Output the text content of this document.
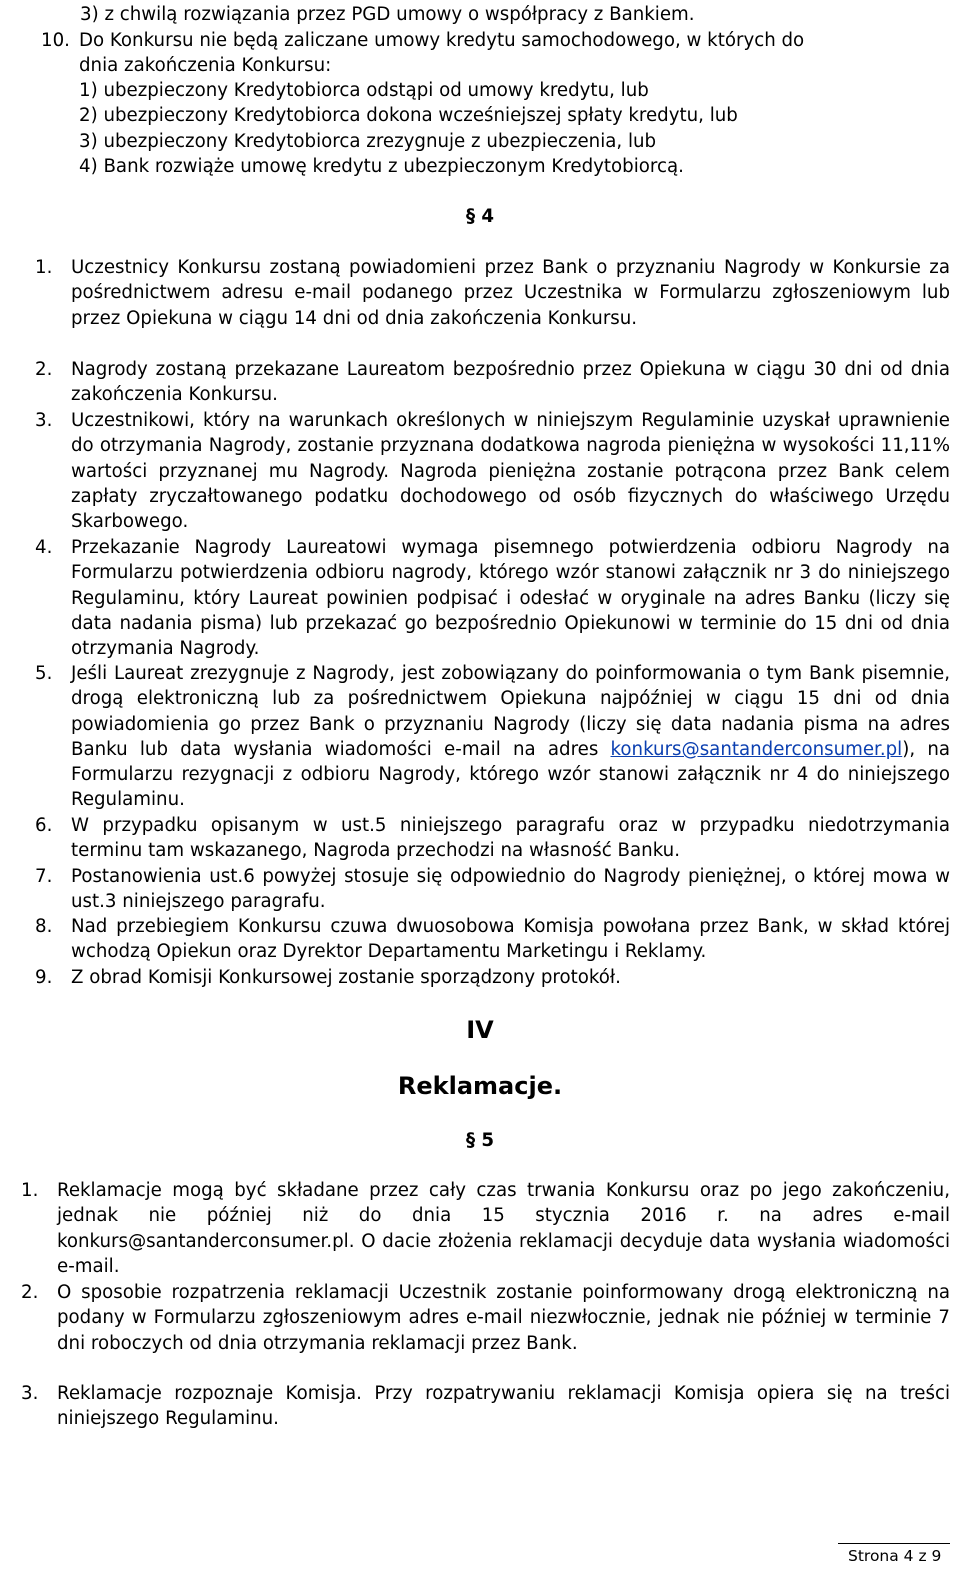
3) z chwilą rozwiązania przez PGD umowy o współpracy z Bankiem.
10. Do Konkursu nie będą zaliczane umowy kredytu samochodowego, w których do
dnia zakończenia Konkursu:
1) ubezpieczony Kredytobiorca odstąpi od umowy kredytu, lub
2) ubezpieczony Kredytobiorca dokona wcześniejszej spłaty kredytu, lub
3) ubezpieczony Kredytobiorca zrezygnuje z ubezpieczenia, lub
4) Bank rozwiąże umowę kredytu z ubezpieczonym Kredytobiorcą.
§ 4
1. Uczestnicy Konkursu zostaną powiadomieni przez Bank o przyznaniu Nagrody w Konkursie za pośrednictwem adresu e-mail podanego przez Uczestnika w Formularzu zgłoszeniowym lub przez Opiekuna w ciągu 14 dni od dnia zakończenia Konkursu.
2. Nagrody zostaną przekazane Laureatom bezpośrednio przez Opiekuna w ciągu 30 dni od dnia zakończenia Konkursu.
3. Uczestnikowi, który na warunkach określonych w niniejszym Regulaminie uzyskał uprawnienie do otrzymania Nagrody, zostanie przyznana dodatkowa nagroda pieniężna w wysokości 11,11% wartości przyznanej mu Nagrody. Nagroda pieniężna zostanie potrącona przez Bank celem zapłaty zryczałtowanego podatku dochodowego od osób fizycznych do właściwego Urzędu Skarbowego.
4. Przekazanie Nagrody Laureatowi wymaga pisemnego potwierdzenia odbioru Nagrody na Formularzu potwierdzenia odbioru nagrody, którego wzór stanowi załącznik nr 3 do niniejszego Regulaminu, który Laureat powinien podpisać i odesłać w oryginale na adres Banku (liczy się data nadania pisma) lub przekazać go bezpośrednio Opiekunowi w terminie do 15 dni od dnia otrzymania Nagrody.
5. Jeśli Laureat zrezygnuje z Nagrody, jest zobowiązany do poinformowania o tym Bank pisemnie, drogą elektroniczną lub za pośrednictwem Opiekuna najpóźniej w ciągu 15 dni od dnia powiadomienia go przez Bank o przyznaniu Nagrody (liczy się data nadania pisma na adres Banku lub data wysłania wiadomości e-mail na adres konkurs@santanderconsumer.pl), na Formularzu rezygnacji z odbioru Nagrody, którego wzór stanowi załącznik nr 4 do niniejszego Regulaminu.
6. W przypadku opisanym w ust.5 niniejszego paragrafu oraz w przypadku niedotrzymania terminu tam wskazanego, Nagroda przechodzi na własność Banku.
7. Postanowienia ust.6 powyżej stosuje się odpowiednio do Nagrody pieniężnej, o której mowa w ust.3 niniejszego paragrafu.
8. Nad przebiegiem Konkursu czuwa dwuosobowa Komisja powołana przez Bank, w skład której wchodzą Opiekun oraz Dyrektor Departamentu Marketingu i Reklamy.
9. Z obrad Komisji Konkursowej zostanie sporządzony protokół.
IV
Reklamacje.
§ 5
1. Reklamacje mogą być składane przez cały czas trwania Konkursu oraz po jego zakończeniu, jednak nie później niż do dnia 15 stycznia 2016 r. na adres e-mail konkurs@santanderconsumer.pl. O dacie złożenia reklamacji decyduje data wysłania wiadomości e-mail.
2. O sposobie rozpatrzenia reklamacji Uczestnik zostanie poinformowany drogą elektroniczną na podany w Formularzu zgłoszeniowym adres e-mail niezwłocznie, jednak nie później w terminie 7 dni roboczych od dnia otrzymania reklamacji przez Bank.
3. Reklamacje rozpoznaje Komisja. Przy rozpatrywaniu reklamacji Komisja opiera się na treści niniejszego Regulaminu.
Strona 4 z 9
